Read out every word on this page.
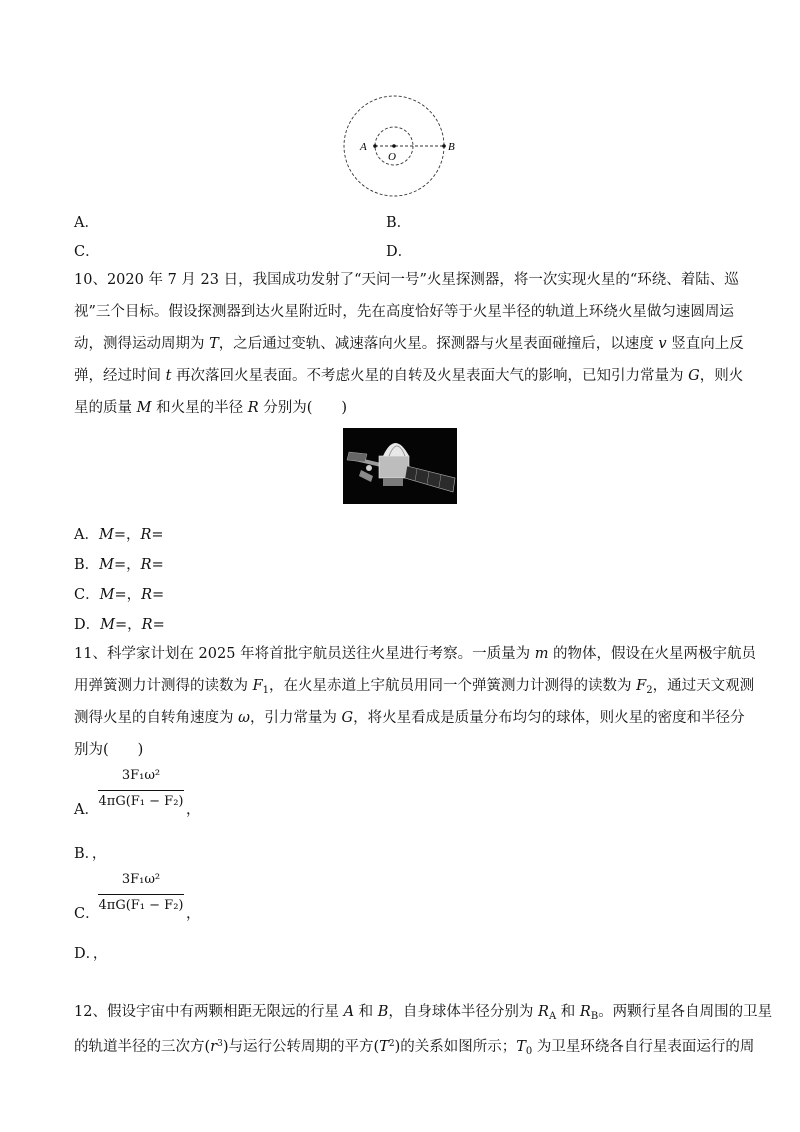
A
O
B
A．	B．
C．	D．
10、2020 年 7 月 23 日，我国成功发射了“天问一号”火星探测器，将一次实现火星的“环绕、着陆、巡
视”三个目标。假设探测器到达火星附近时，先在高度恰好等于火星半径的轨道上环绕火星做匀速圆周运
动，测得运动周期为 T，之后通过变轨、减速落向火星。探测器与火星表面碰撞后，以速度 v 竖直向上反
弹，经过时间 t 再次落回火星表面。不考虑火星的自转及火星表面大气的影响，已知引力常量为 G，则火
星的质量 M 和火星的半径 R 分别为(　　)
A．M=，R=
B．M=，R=
C．M=，R=
D．M=，R=
11、科学家计划在 2025 年将首批宇航员送往火星进行考察。一质量为 m 的物体，假设在火星两极宇航员
用弹簧测力计测得的读数为 $F_1$，在火星赤道上宇航员用同一个弹簧测力计测得的读数为 $F_2$，通过天文观测
测得火星的自转角速度为 ω，引力常量为 G，将火星看成是质量分布均匀的球体，则火星的密度和半径分
别为(　　)
A．
3F₁ω²
4πG(F₁ − F₂)
，
B．，
C．
3F₁ω²
4πG(F₁ − F₂)
，
D．，
12、假设宇宙中有两颗相距无限远的行星 A 和 B，自身球体半径分别为 $R_A$ 和 $R_B$。两颗行星各自周围的卫星
的轨道半径的三次方$(r^3)$与运行公转周期的平方$(T^2)$的关系如图所示；$T_0$ 为卫星环绕各自行星表面运行的周
